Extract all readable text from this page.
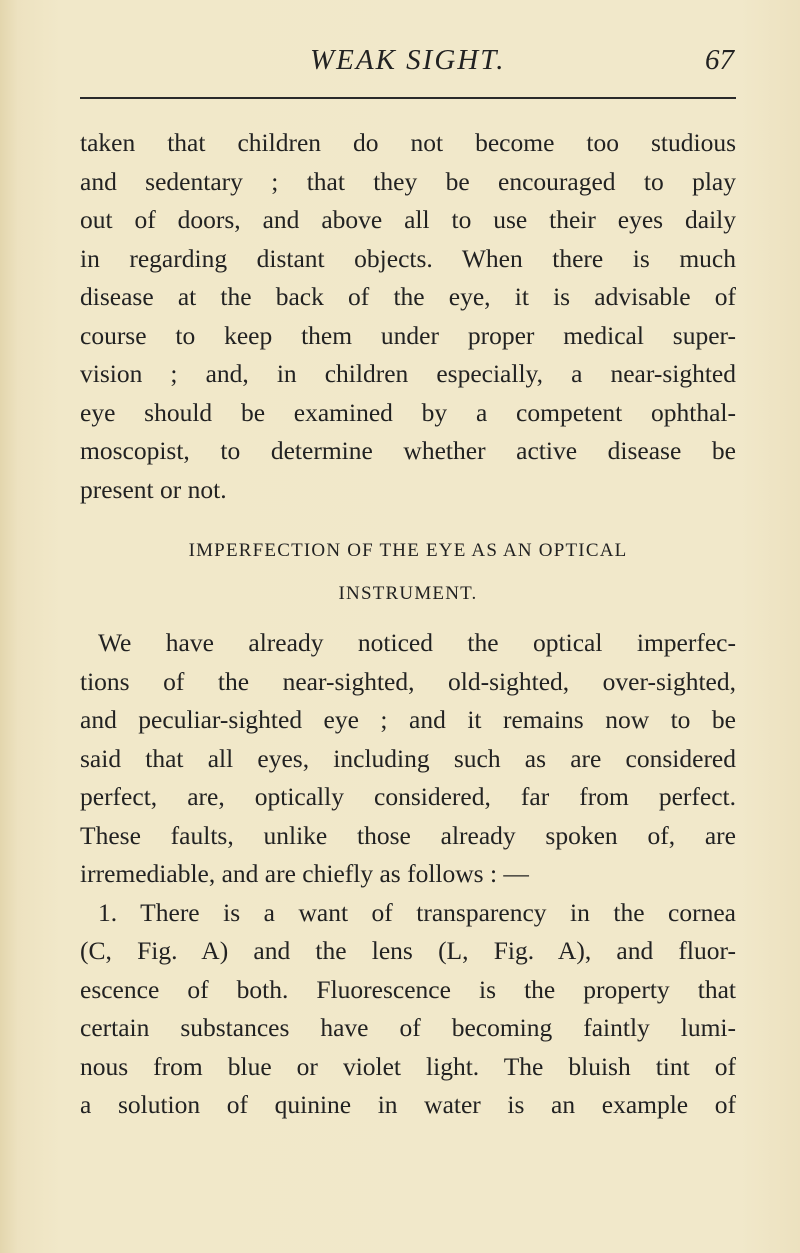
WEAK SIGHT.	67
taken that children do not become too studious
and sedentary ; that they be encouraged to play
out of doors, and above all to use their eyes daily
in regarding distant objects. When there is much
disease at the back of the eye, it is advisable of
course to keep them under proper medical super-
vision ; and, in children especially, a near-sighted
eye should be examined by a competent ophthal-
moscopist, to determine whether active disease be
present or not.
IMPERFECTION OF THE EYE AS AN OPTICAL
INSTRUMENT.
We have already noticed the optical imperfec-
tions of the near-sighted, old-sighted, over-sighted,
and peculiar-sighted eye ; and it remains now to be
said that all eyes, including such as are considered
perfect, are, optically considered, far from perfect.
These faults, unlike those already spoken of, are
irremediable, and are chiefly as follows : —
1. There is a want of transparency in the cornea
(C, Fig. A) and the lens (L, Fig. A), and fluor-
escence of both. Fluorescence is the property that
certain substances have of becoming faintly lumi-
nous from blue or violet light. The bluish tint of
a solution of quinine in water is an example of
